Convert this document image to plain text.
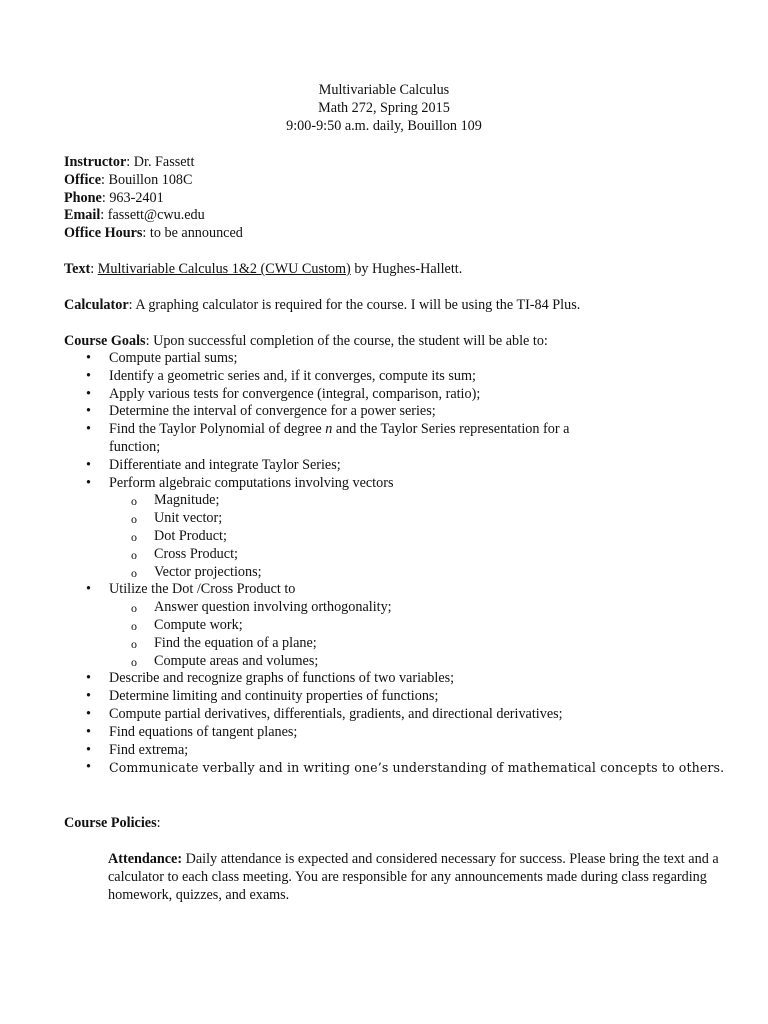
Multivariable Calculus
Math 272, Spring 2015
9:00-9:50 a.m. daily, Bouillon 109
Instructor: Dr. Fassett
Office: Bouillon 108C
Phone: 963-2401
Email: fassett@cwu.edu
Office Hours: to be announced
Text: Multivariable Calculus 1&2 (CWU Custom) by Hughes-Hallett.
Calculator: A graphing calculator is required for the course. I will be using the TI-84 Plus.
Course Goals: Upon successful completion of the course, the student will be able to:
• Compute partial sums;
• Identify a geometric series and, if it converges, compute its sum;
• Apply various tests for convergence (integral, comparison, ratio);
• Determine the interval of convergence for a power series;
• Find the Taylor Polynomial of degree n and the Taylor Series representation for a function;
• Differentiate and integrate Taylor Series;
• Perform algebraic computations involving vectors
o Magnitude;
o Unit vector;
o Dot Product;
o Cross Product;
o Vector projections;
• Utilize the Dot /Cross Product to
o Answer question involving orthogonality;
o Compute work;
o Find the equation of a plane;
o Compute areas and volumes;
• Describe and recognize graphs of functions of two variables;
• Determine limiting and continuity properties of functions;
• Compute partial derivatives, differentials, gradients, and directional derivatives;
• Find equations of tangent planes;
• Find extrema;
• Communicate verbally and in writing one’s understanding of mathematical concepts to others.
Course Policies:
Attendance: Daily attendance is expected and considered necessary for success. Please bring the text and a calculator to each class meeting. You are responsible for any announcements made during class regarding homework, quizzes, and exams.
